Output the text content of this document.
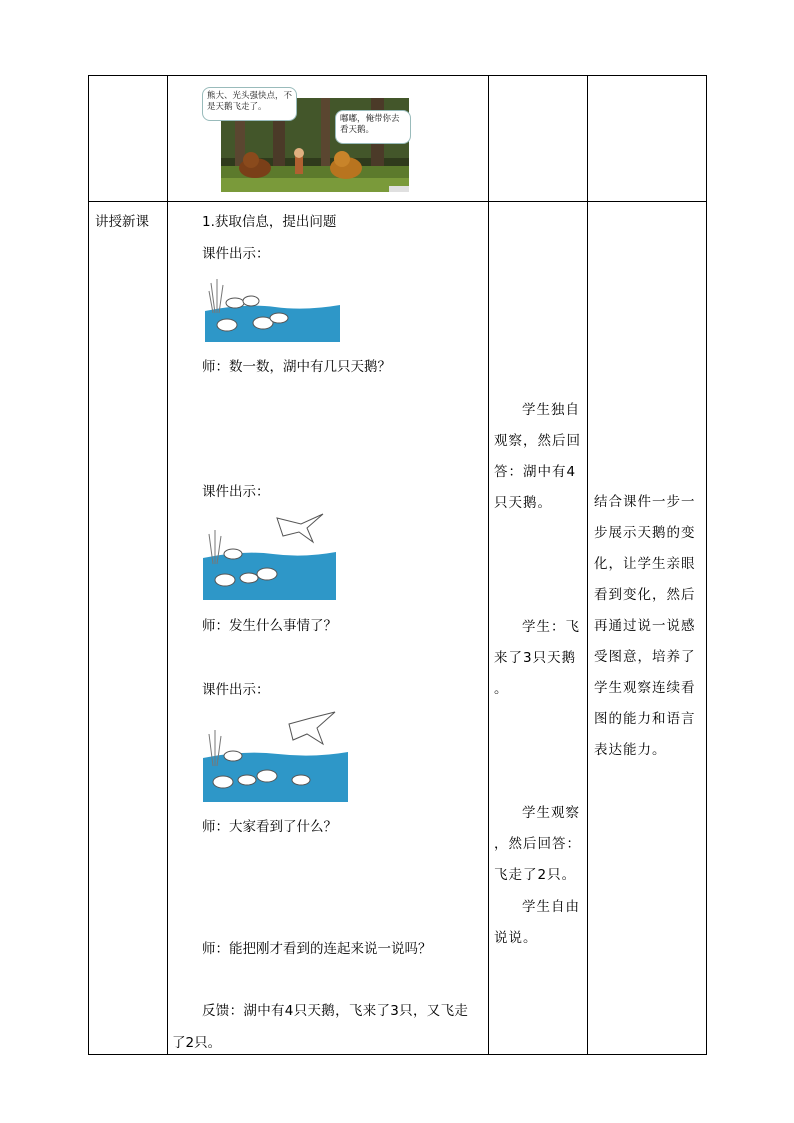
熊大、光头强快点，不
是天鹅飞走了。
嘟嘟，俺带你去
看天鹅。
讲授新课	1.获取信息，提出问题
课件出示：
师：数一数，湖中有几只天鹅？
课件出示：
师：发生什么事情了？
课件出示：
师：大家看到了什么？
师：能把刚才看到的连起来说一说吗？
反馈：湖中有4只天鹅，飞来了3只，又飞走
了2只。
学生独自
观察，然后回
答：湖中有4
只天鹅。
学生：飞
来了3只天鹅
。
学生观察
，然后回答：
飞走了2只。
学生自由
说说。
结合课件一步一
步展示天鹅的变
化，让学生亲眼
看到变化，然后
再通过说一说感
受图意，培养了
学生观察连续看
图的能力和语言
表达能力。
